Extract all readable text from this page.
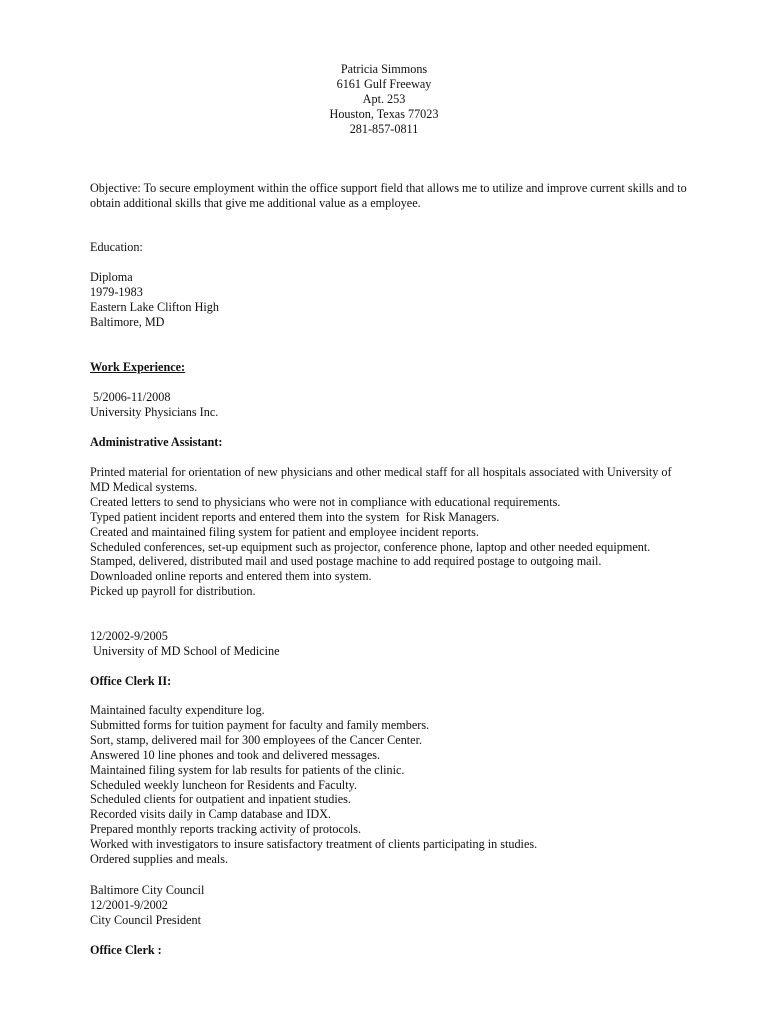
Patricia Simmons
6161 Gulf Freeway
Apt. 253
Houston, Texas 77023
281-857-0811
Objective: To secure employment within the office support field that allows me to utilize and improve current skills and to obtain additional skills that give me additional value as a employee.
Education:
Diploma
1979-1983
Eastern Lake Clifton High
Baltimore, MD
Work Experience:
5/2006-11/2008
University Physicians Inc.
Administrative Assistant:
Printed material for orientation of new physicians and other medical staff for all hospitals associated with University of MD Medical systems.
Created letters to send to physicians who were not in compliance with educational requirements.
Typed patient incident reports and entered them into the system  for Risk Managers.
Created and maintained filing system for patient and employee incident reports.
Scheduled conferences, set-up equipment such as projector, conference phone, laptop and other needed equipment.
Stamped, delivered, distributed mail and used postage machine to add required postage to outgoing mail.
Downloaded online reports and entered them into system.
Picked up payroll for distribution.
12/2002-9/2005
University of MD School of Medicine
Office Clerk II:
Maintained faculty expenditure log.
Submitted forms for tuition payment for faculty and family members.
Sort, stamp, delivered mail for 300 employees of the Cancer Center.
Answered 10 line phones and took and delivered messages.
Maintained filing system for lab results for patients of the clinic.
Scheduled weekly luncheon for Residents and Faculty.
Scheduled clients for outpatient and inpatient studies.
Recorded visits daily in Camp database and IDX.
Prepared monthly reports tracking activity of protocols.
Worked with investigators to insure satisfactory treatment of clients participating in studies.
Ordered supplies and meals.
Baltimore City Council
12/2001-9/2002
City Council President
Office Clerk :
